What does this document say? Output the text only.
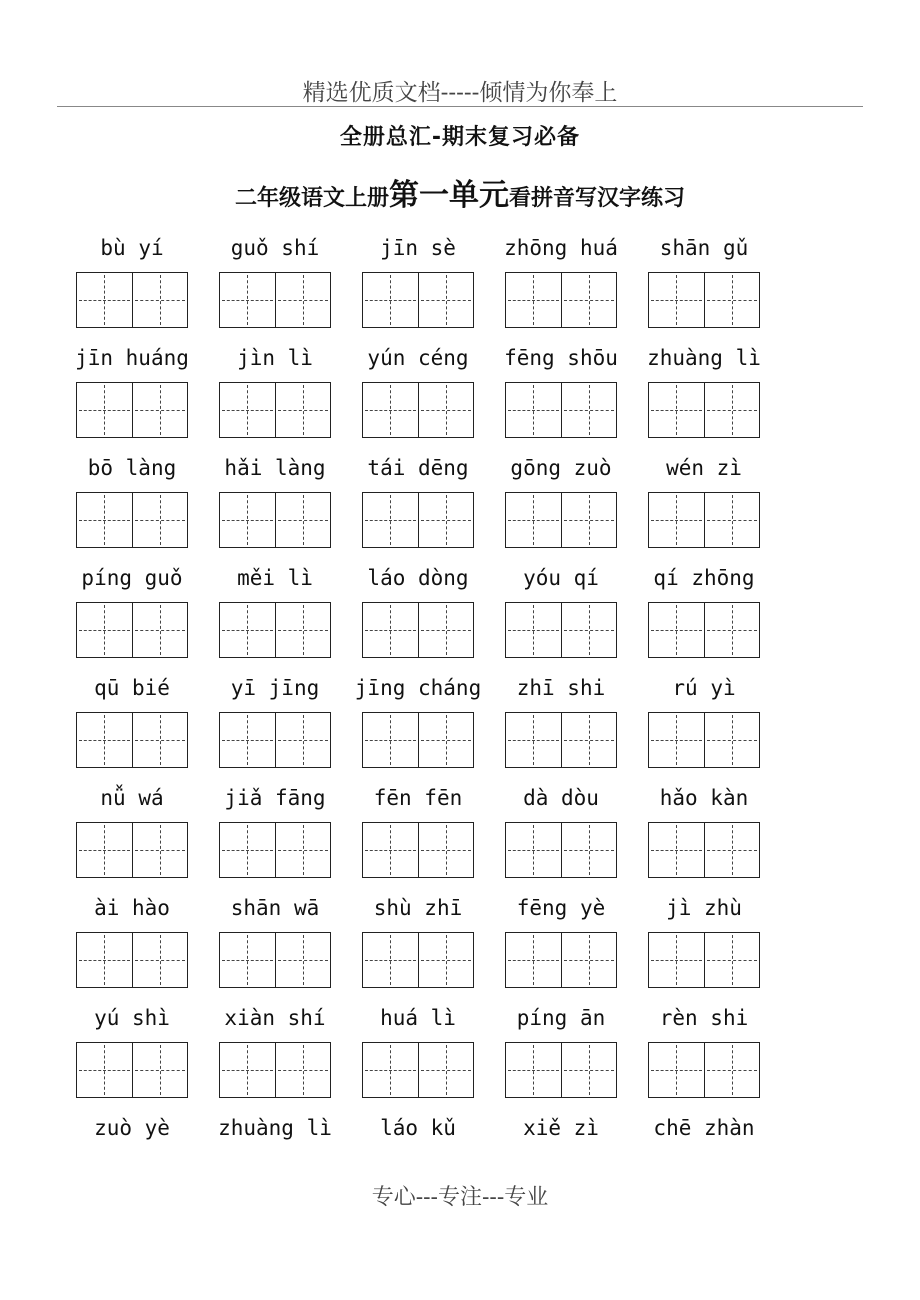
精选优质文档-----倾情为你奉上
全册总汇-期末复习必备
二年级语文上册第一单元看拼音写汉字练习
bù yí	guǒ shí	jīn sè	zhōng huá	shān gǔ
jīn huáng	jìn lì	yún céng	fēng shōu	zhuàng lì
bō làng	hǎi làng	tái dēng	gōng zuò	wén zì
píng guǒ	měi lì	láo dòng	yóu qí	qí zhōng
qū bié	yī jīng	jīng cháng	zhī shi	rú yì
nǚ wá	jiǎ fāng	fēn fēn	dà dòu	hǎo kàn
ài hào	shān wā	shù zhī	fēng yè	jì zhù
yú shì	xiàn shí	huá lì	píng ān	rèn shi
zuò yè	zhuàng lì	láo kǔ	xiě zì	chē zhàn
专心---专注---专业
